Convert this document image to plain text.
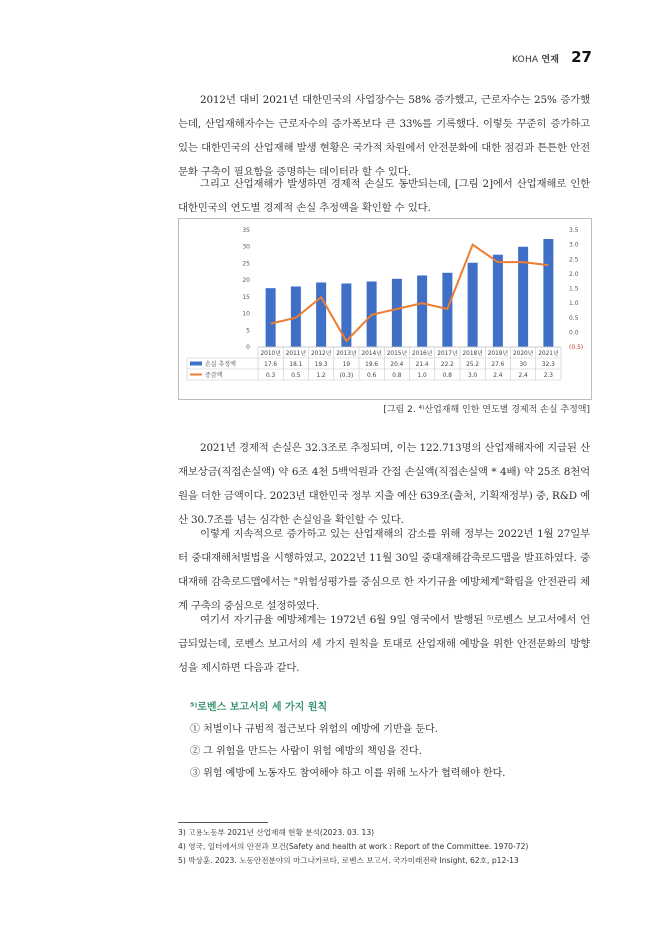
KOHA 연재 27

2012년 대비 2021년 대한민국의 사업장수는 58% 증가했고, 근로자수는 25% 증가했는데, 산업재해자수는 근로자수의 증가폭보다 큰 33%를 기록했다. 이렇듯 꾸준히 증가하고 있는 대한민국의 산업재해 발생 현황은 국가적 차원에서 안전문화에 대한 점검과 튼튼한 안전문화 구축이 필요함을 증명하는 데이터라 할 수 있다.

그리고 산업재해가 발생하면 경제적 손실도 동반되는데, [그림 2]에서 산업재해로 인한 대한민국의 연도별 경제적 손실 추정액을 확인할 수 있다.

0
5
10
15
20
25
30
35
(0.5)
0.0
0.5
1.0
1.5
2.0
2.5
3.0
3.5
2010년 2011년 2012년 2013년 2014년 2015년 2016년 2017년 2018년 2019년 2020년 2021년
손실 추정액	17.6 18.1 19.3	19	19.6 20.4 21.4 22.2 25.2 27.6	30	32.3
증감액	0.3	0.5	1.2 (0.3) 0.6	0.8	1.0	0.8	3.0	2.4	2.4	2.3
[그림 2. ⁴⁾산업재해 인한 연도별 경제적 손실 추정액]

2021년 경제적 손실은 32.3조로 추정되며, 이는 122.713명의 산업재해자에 지급된 산재보상금(직접손실액) 약 6조 4천 5백억원과 간접 손실액(직접손실액 * 4배) 약 25조 8천억원을 더한 금액이다. 2023년 대한민국 정부 지출 예산 639조(출처, 기획재정부) 중, R&D 예산 30.7조를 넘는 심각한 손실임을 확인할 수 있다.

이렇게 지속적으로 증가하고 있는 산업재해의 감소를 위해 정부는 2022년 1월 27일부터 중대재해처벌법을 시행하였고, 2022년 11월 30일 중대재해감축로드맵을 발표하였다. 중대재해 감축로드맵에서는 "위험성평가를 중심으로 한 자기규율 예방체계"확립을 안전관리 체계 구축의 중심으로 설정하였다.

여기서 자기규율 예방체계는 1972년 6월 9일 영국에서 발행된 ⁵⁾로벤스 보고서에서 언급되었는데, 로벤스 보고서의 세 가지 원칙을 토대로 산업재해 예방을 위한 안전문화의 방향성을 제시하면 다음과 같다.

⁵⁾로벤스 보고서의 세 가지 원칙
① 처벌이나 규범적 접근보다 위험의 예방에 기반을 둔다.
② 그 위험을 만드는 사람이 위험 예방의 책임을 진다.
③ 위험 예방에 노동자도 참여해야 하고 이를 위해 노사가 협력해야 한다.
3) 고용노동부 2021년 산업재해 현황 분석(2023. 03. 13)
4) 영국, 일터에서의 안전과 보건(Safety and health at work : Report of the Committee. 1970-72)
5) 박상훈. 2023. 노동안전분야의 마그나카르타, 로벤스 보고서. 국가미래전략 Insight, 62호, p12-13
